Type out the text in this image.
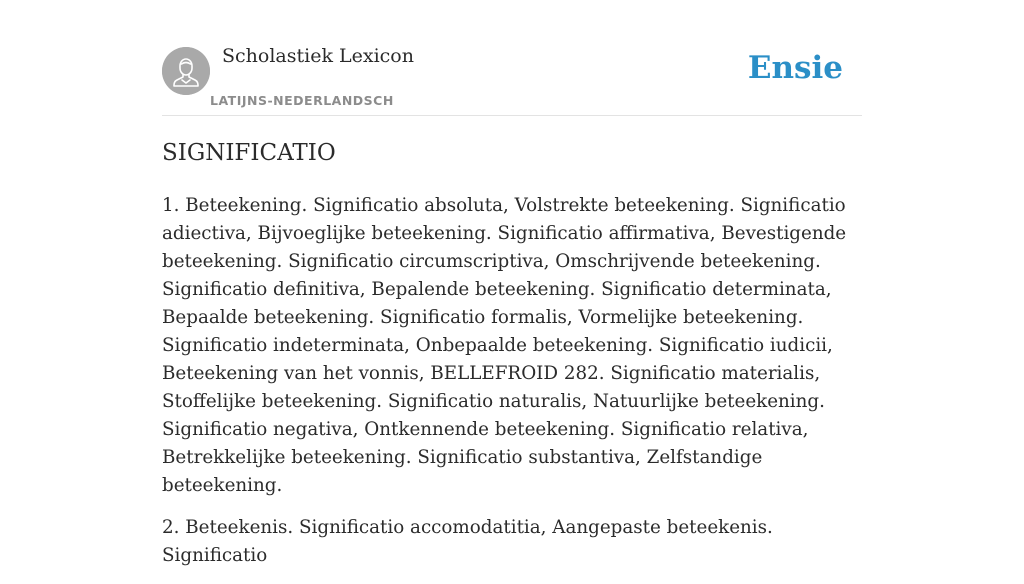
Scholastiek Lexicon
LATIJNS-NEDERLANDSCH
Ensie
SIGNIFICATIO

1. Beteekening. Significatio absoluta, Volstrekte beteekening. Significatio adiectiva, Bijvoeglijke beteekening. Significatio affirmativa, Bevestigende beteekening. Significatio circumscriptiva, Omschrijvende beteekening. Significatio definitiva, Bepalende beteekening. Significatio determinata, Bepaalde beteekening. Significatio formalis, Vormelijke beteekening. Significatio indeterminata, Onbepaalde beteekening. Significatio iudicii, Beteekening van het vonnis, BELLEFROID 282. Significatio materialis, Stoffelijke beteekening. Significatio naturalis, Natuurlijke beteekening. Significatio negativa, Ontkennende beteekening. Significatio relativa, Betrekkelijke beteekening. Significatio substantiva, Zelfstandige beteekening.

2. Beteekenis. Significatio accomodatitia, Aangepaste beteekenis. Significatio
